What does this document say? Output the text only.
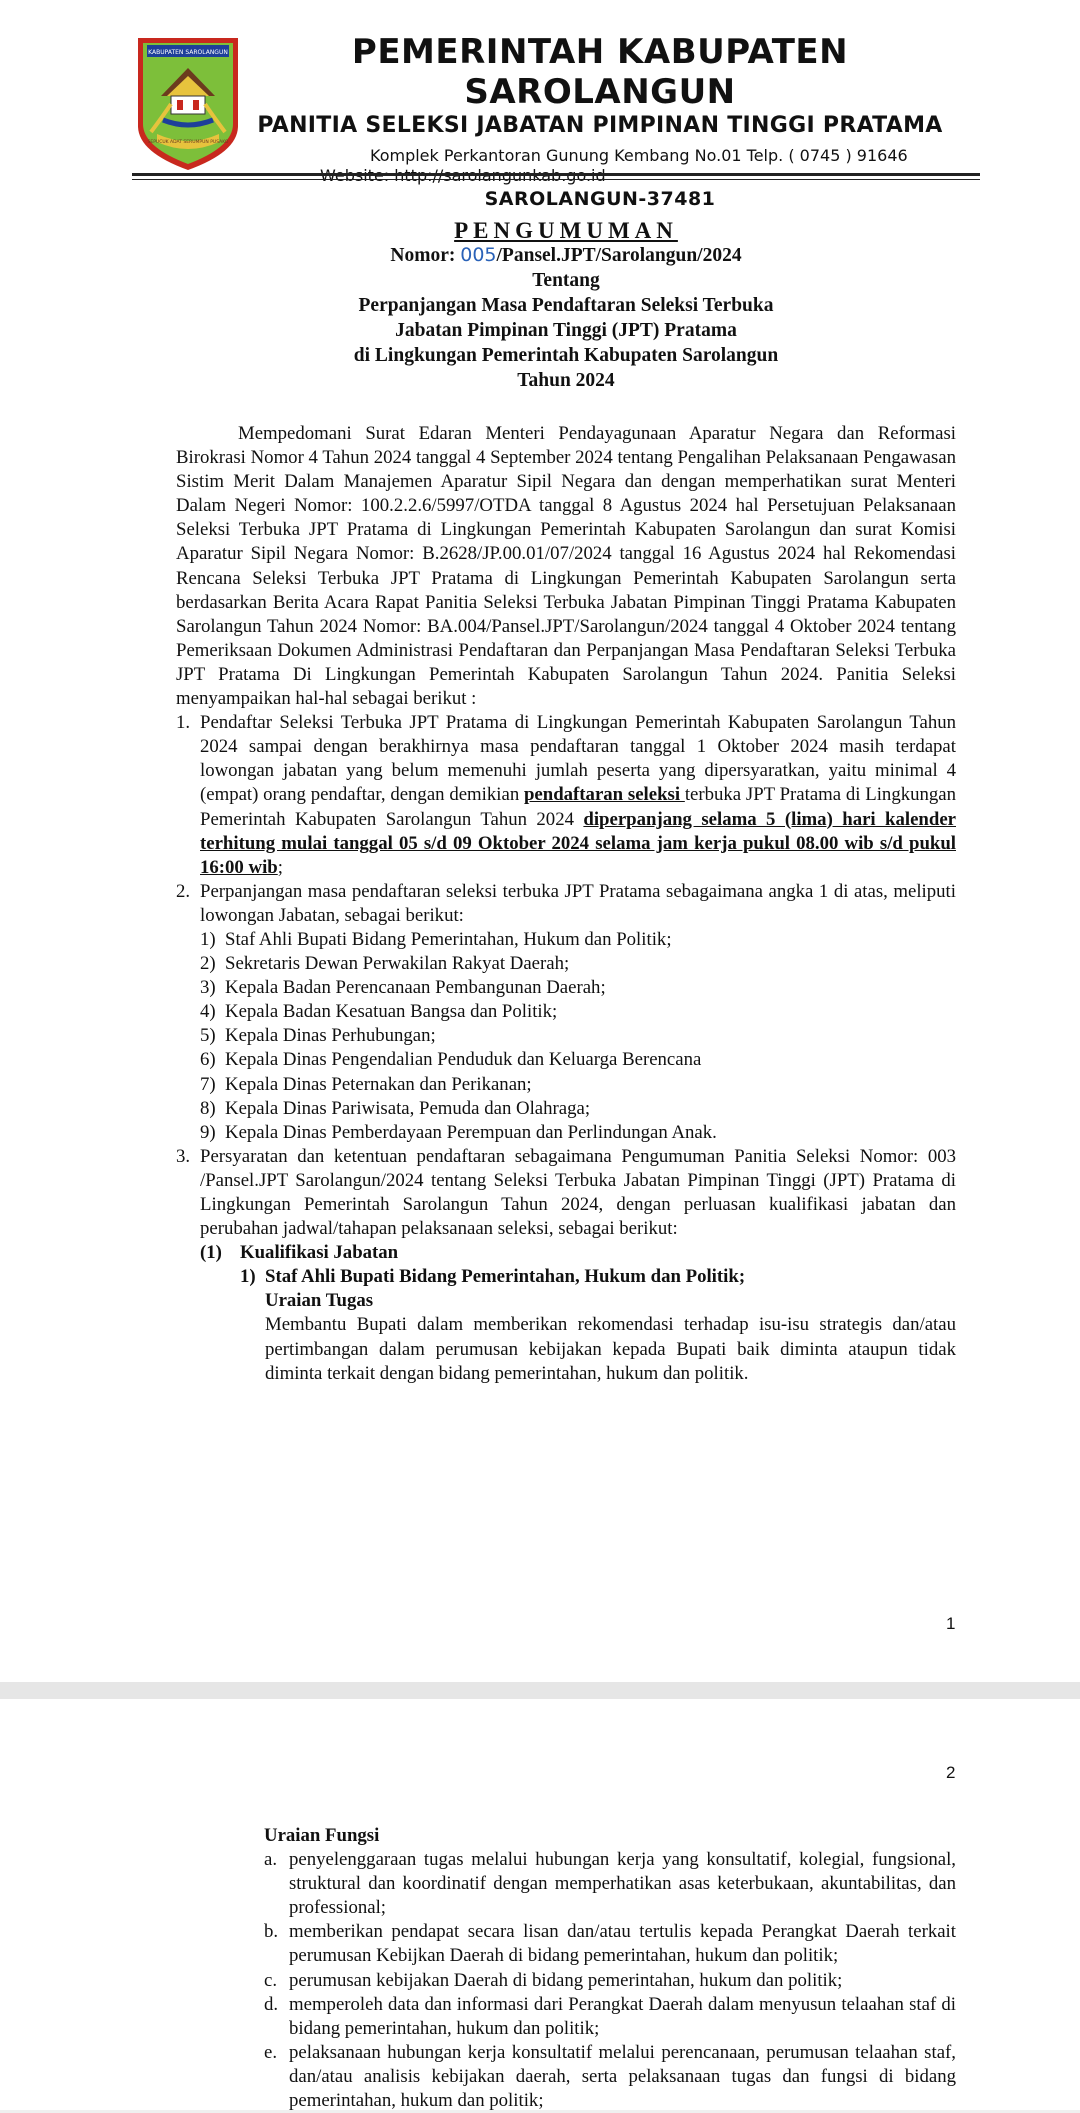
KABUPATEN SAROLANGUN
SEPUCUK ADAT SERUMPUN PUSAKO
PEMERINTAH KABUPATEN SAROLANGUN
PANITIA SELEKSI JABATAN PIMPINAN TINGGI PRATAMA
Komplek Perkantoran Gunung Kembang No.01 Telp. ( 0745 ) 91646
SAROLANGUN-37481
PENGUMUMAN
Nomor: 005/Pansel.JPT/Sarolangun/2024
Tentang
Perpanjangan Masa Pendaftaran Seleksi Terbuka
Jabatan Pimpinan Tinggi (JPT) Pratama
di Lingkungan Pemerintah Kabupaten Sarolangun
Tahun 2024
Mempedomani Surat Edaran Menteri Pendayagunaan Aparatur Negara dan Reformasi Birokrasi Nomor 4 Tahun 2024 tanggal 4 September 2024 tentang Pengalihan Pelaksanaan Pengawasan Sistim Merit Dalam Manajemen Aparatur Sipil Negara dan dengan memperhatikan surat Menteri Dalam Negeri Nomor: 100.2.2.6/5997/OTDA tanggal 8 Agustus 2024 hal Persetujuan Pelaksanaan Seleksi Terbuka JPT Pratama di Lingkungan Pemerintah Kabupaten Sarolangun dan surat Komisi Aparatur Sipil Negara Nomor: B.2628/JP.00.01/07/2024 tanggal 16 Agustus 2024 hal Rekomendasi Rencana Seleksi Terbuka JPT Pratama di Lingkungan Pemerintah Kabupaten Sarolangun serta berdasarkan Berita Acara Rapat Panitia Seleksi Terbuka Jabatan Pimpinan Tinggi Pratama Kabupaten Sarolangun Tahun 2024 Nomor: BA.004/Pansel.JPT/Sarolangun/2024 tanggal 4 Oktober 2024 tentang Pemeriksaan Dokumen Administrasi Pendaftaran dan Perpanjangan Masa Pendaftaran Seleksi Terbuka JPT Pratama Di Lingkungan Pemerintah Kabupaten Sarolangun Tahun 2024. Panitia Seleksi menyampaikan hal-hal sebagai berikut :
1. Pendaftar Seleksi Terbuka JPT Pratama di Lingkungan Pemerintah Kabupaten Sarolangun Tahun 2024 sampai dengan berakhirnya masa pendaftaran tanggal 1 Oktober 2024 masih terdapat lowongan jabatan yang belum memenuhi jumlah peserta yang dipersyaratkan, yaitu minimal 4 (empat) orang pendaftar, dengan demikian pendaftaran seleksi terbuka JPT Pratama di Lingkungan Pemerintah Kabupaten Sarolangun Tahun 2024 diperpanjang selama 5 (lima) hari kalender terhitung mulai tanggal 05 s/d 09 Oktober 2024 selama jam kerja pukul 08.00 wib s/d pukul 16:00 wib;
2. Perpanjangan masa pendaftaran seleksi terbuka JPT Pratama sebagaimana angka 1 di atas, meliputi lowongan Jabatan, sebagai berikut:
1) Staf Ahli Bupati Bidang Pemerintahan, Hukum dan Politik;
2) Sekretaris Dewan Perwakilan Rakyat Daerah;
3) Kepala Badan Perencanaan Pembangunan Daerah;
4) Kepala Badan Kesatuan Bangsa dan Politik;
5) Kepala Dinas Perhubungan;
6) Kepala Dinas Pengendalian Penduduk dan Keluarga Berencana
7) Kepala Dinas Peternakan dan Perikanan;
8) Kepala Dinas Pariwisata, Pemuda dan Olahraga;
9) Kepala Dinas Pemberdayaan Perempuan dan Perlindungan Anak.
3. Persyaratan dan ketentuan pendaftaran sebagaimana Pengumuman Panitia Seleksi Nomor: 003 /Pansel.JPT Sarolangun/2024 tentang Seleksi Terbuka Jabatan Pimpinan Tinggi (JPT) Pratama di Lingkungan Pemerintah Sarolangun Tahun 2024, dengan perluasan kualifikasi jabatan dan perubahan jadwal/tahapan pelaksanaan seleksi, sebagai berikut:
(1) Kualifikasi Jabatan
1) Staf Ahli Bupati Bidang Pemerintahan, Hukum dan Politik;
Uraian Tugas
Membantu Bupati dalam memberikan rekomendasi terhadap isu-isu strategis dan/atau pertimbangan dalam perumusan kebijakan kepada Bupati baik diminta ataupun tidak diminta terkait dengan bidang pemerintahan, hukum dan politik.
1
2
Uraian Fungsi
a. penyelenggaraan tugas melalui hubungan kerja yang konsultatif, kolegial, fungsional, struktural dan koordinatif dengan memperhatikan asas keterbukaan, akuntabilitas, dan professional;
b. memberikan pendapat secara lisan dan/atau tertulis kepada Perangkat Daerah terkait perumusan Kebijkan Daerah di bidang pemerintahan, hukum dan politik;
c. perumusan kebijakan Daerah di bidang pemerintahan, hukum dan politik;
d. memperoleh data dan informasi dari Perangkat Daerah dalam menyusun telaahan staf di bidang pemerintahan, hukum dan politik;
e. pelaksanaan hubungan kerja konsultatif melalui perencanaan, perumusan telaahan staf, dan/atau analisis kebijakan daerah, serta pelaksanaan tugas dan fungsi di bidang pemerintahan, hukum dan politik;
